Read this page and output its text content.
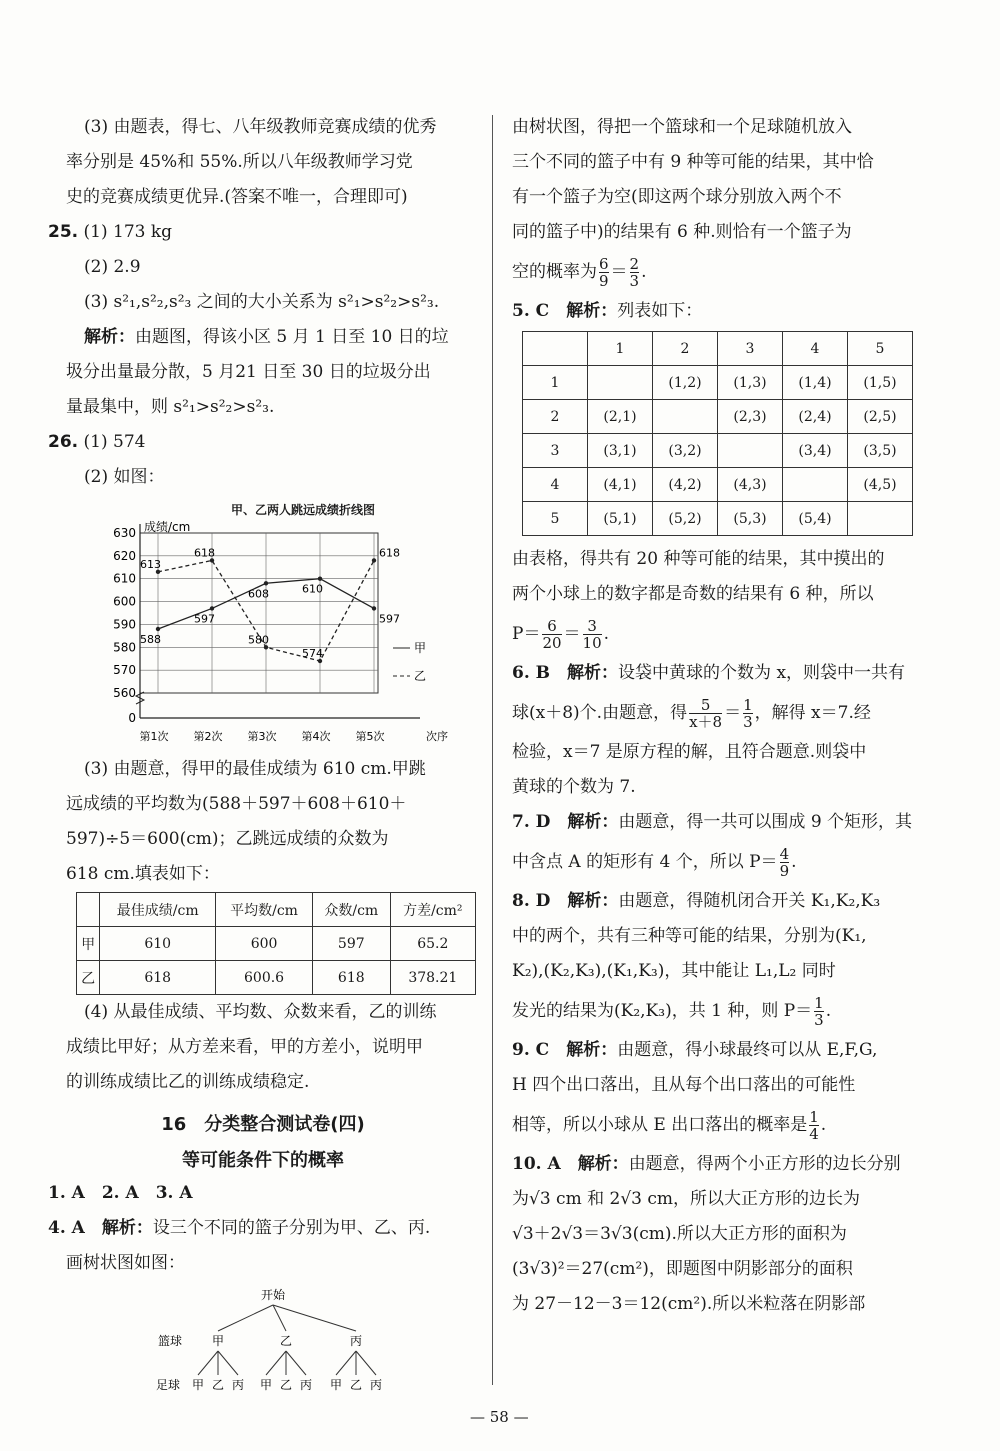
(3) 由题表，得七、八年级教师竞赛成绩的优秀

率分别是 45%和 55%.所以八年级教师学习党

史的竞赛成绩更优异.(答案不唯一，合理即可)

25. (1) 173 kg

(2) 2.9

(3) s²₁,s²₂,s²₃ 之间的大小关系为 s²₁>s²₂>s²₃.

解析：由题图，得该小区 5 月 1 日至 10 日的垃

圾分出量最分散，5 月21 日至 30 日的垃圾分出

量最集中，则 s²₁>s²₂>s²₃.

26. (1) 574

(2) 如图：

甲、乙两人跳远成绩折线图
0
560
570
580
590
600
610
620
630
第1次 第2次 第3次 第4次 第5次
成绩/cm
次序
588
597
608	610
597
甲
613
618
580
574
618
乙

(3) 由题意，得甲的最佳成绩为 610 cm.甲跳

远成绩的平均数为(588＋597＋608＋610＋

597)÷5＝600(cm)；乙跳远成绩的众数为

618 cm.填表如下：

	最佳成绩/cm	平均数/cm	众数/cm	方差/cm²
甲	610	600	597	65.2
乙	618	600.6	618	378.21

(4) 从最佳成绩、平均数、众数来看，乙的训练

成绩比甲好；从方差来看，甲的方差小，说明甲

的训练成绩比乙的训练成绩稳定.

16　分类整合测试卷(四)
等可能条件下的概率

1. A　2. A　3. A

4. A　 解析：设三个不同的篮子分别为甲、乙、丙.

画树状图如图：

开始
篮球
足球
甲
甲 乙 丙
乙
甲 乙 丙
丙
甲 乙 丙

由树状图，得把一个篮球和一个足球随机放入

三个不同的篮子中有 9 种等可能的结果，其中恰

有一个篮子为空(即这两个球分别放入两个不

同的篮子中)的结果有 6 种.则恰有一个篮子为

空的概率为 $\frac{6}{9} = \frac{2}{3}$ .

5. C　 解析：列表如下：

	1	2	3	4	5
1		(1,2)	(1,3)	(1,4)	(1,5)
2	(2,1)		(2,3)	(2,4)	(2,5)
3	(3,1)	(3,2)		(3,4)	(3,5)
4	(4,1)	(4,2)	(4,3)		(4,5)
5	(5,1)	(5,2)	(5,3)	(5,4)	

由表格，得共有 20 种等可能的结果，其中摸出的

两个小球上的数字都是奇数的结果有 6 种，所以

$P= \frac{6}{20} = \frac{3}{10}$ .

6. B　 解析：设袋中黄球的个数为 x，则袋中一共有

球(x＋8)个.由题意，得 $\frac{5}{x+8} = \frac{1}{3}$ ，解得 x＝7.经

检验，x＝7 是原方程的解，且符合题意.则袋中

黄球的个数为 7.

7. D　 解析：由题意，得一共可以围成 9 个矩形，其

中含点 A 的矩形有 4 个，所以 $P= \frac{4}{9}$ .

8. D　 解析：由题意，得随机闭合开关 K₁,K₂,K₃

中的两个，共有三种等可能的结果，分别为(K₁,

K₂),(K₂,K₃),(K₁,K₃)，其中能让 L₁,L₂ 同时

发光的结果为(K₂,K₃)，共 1 种，则 $P= \frac{1}{3}$ .

9. C　 解析：由题意，得小球最终可以从 E,F,G,

H 四个出口落出，且从每个出口落出的可能性

相等，所以小球从 E 出口落出的概率是 $\frac{1}{4}$ .

10. A　 解析：由题意，得两个小正方形的边长分别

为√3 cm 和 2√3 cm，所以大正方形的边长为

√3＋2√3＝3√3(cm).所以大正方形的面积为

(3√3)²＝27(cm²)，即题图中阴影部分的面积

为 27－12－3＝12(cm²).所以米粒落在阴影部

— 58 —
